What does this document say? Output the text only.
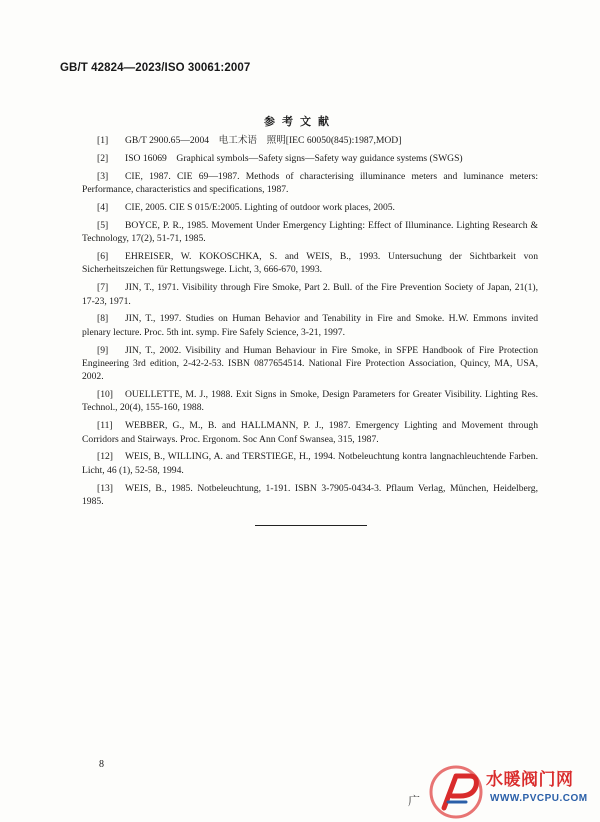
GB/T 42824—2023/ISO 30061:2007
参考文献

[1] GB/T 2900.65—2004　电工术语　照明[IEC 60050(845):1987,MOD]

[2] ISO 16069　Graphical symbols—Safety signs—Safety way guidance systems (SWGS)

[3] CIE, 1987. CIE 69—1987. Methods of characterising illuminance meters and luminance meters: Performance, characteristics and specifications, 1987.

[4] CIE, 2005. CIE S 015/E:2005. Lighting of outdoor work places, 2005.

[5] BOYCE, P. R., 1985. Movement Under Emergency Lighting: Effect of Illuminance. Lighting Research & Technology, 17(2), 51-71, 1985.

[6] EHREISER, W. KOKOSCHKA, S. and WEIS, B., 1993. Untersuchung der Sichtbarkeit von Sicherheitszeichen für Rettungswege. Licht, 3, 666-670, 1993.

[7] JIN, T., 1971. Visibility through Fire Smoke, Part 2. Bull. of the Fire Prevention Society of Japan, 21(1), 17-23, 1971.

[8] JIN, T., 1997. Studies on Human Behavior and Tenability in Fire and Smoke. H.W. Emmons invited plenary lecture. Proc. 5th int. symp. Fire Safely Science, 3-21, 1997.

[9] JIN, T., 2002. Visibility and Human Behaviour in Fire Smoke, in SFPE Handbook of Fire Protection Engineering 3rd edition, 2-42-2-53. ISBN 0877654514. National Fire Protection Association, Quincy, MA, USA, 2002.

[10] OUELLETTE, M. J., 1988. Exit Signs in Smoke, Design Parameters for Greater Visibility. Lighting Res. Technol., 20(4), 155-160, 1988.

[11] WEBBER, G., M., B. and HALLMANN, P. J., 1987. Emergency Lighting and Movement through Corridors and Stairways. Proc. Ergonom. Soc Ann Conf Swansea, 315, 1987.

[12] WEIS, B., WILLING, A. and TERSTIEGE, H., 1994. Notbeleuchtung kontra langnachleuchtende Farben. Licht, 46 (1), 52-58, 1994.

[13] WEIS, B., 1985. Notbeleuchtung, 1-191. ISBN 3-7905-0434-3. Pflaum Verlag, München, Heidelberg, 1985.

8
广
水暖阀门网
WWW.PVCPU.COM
